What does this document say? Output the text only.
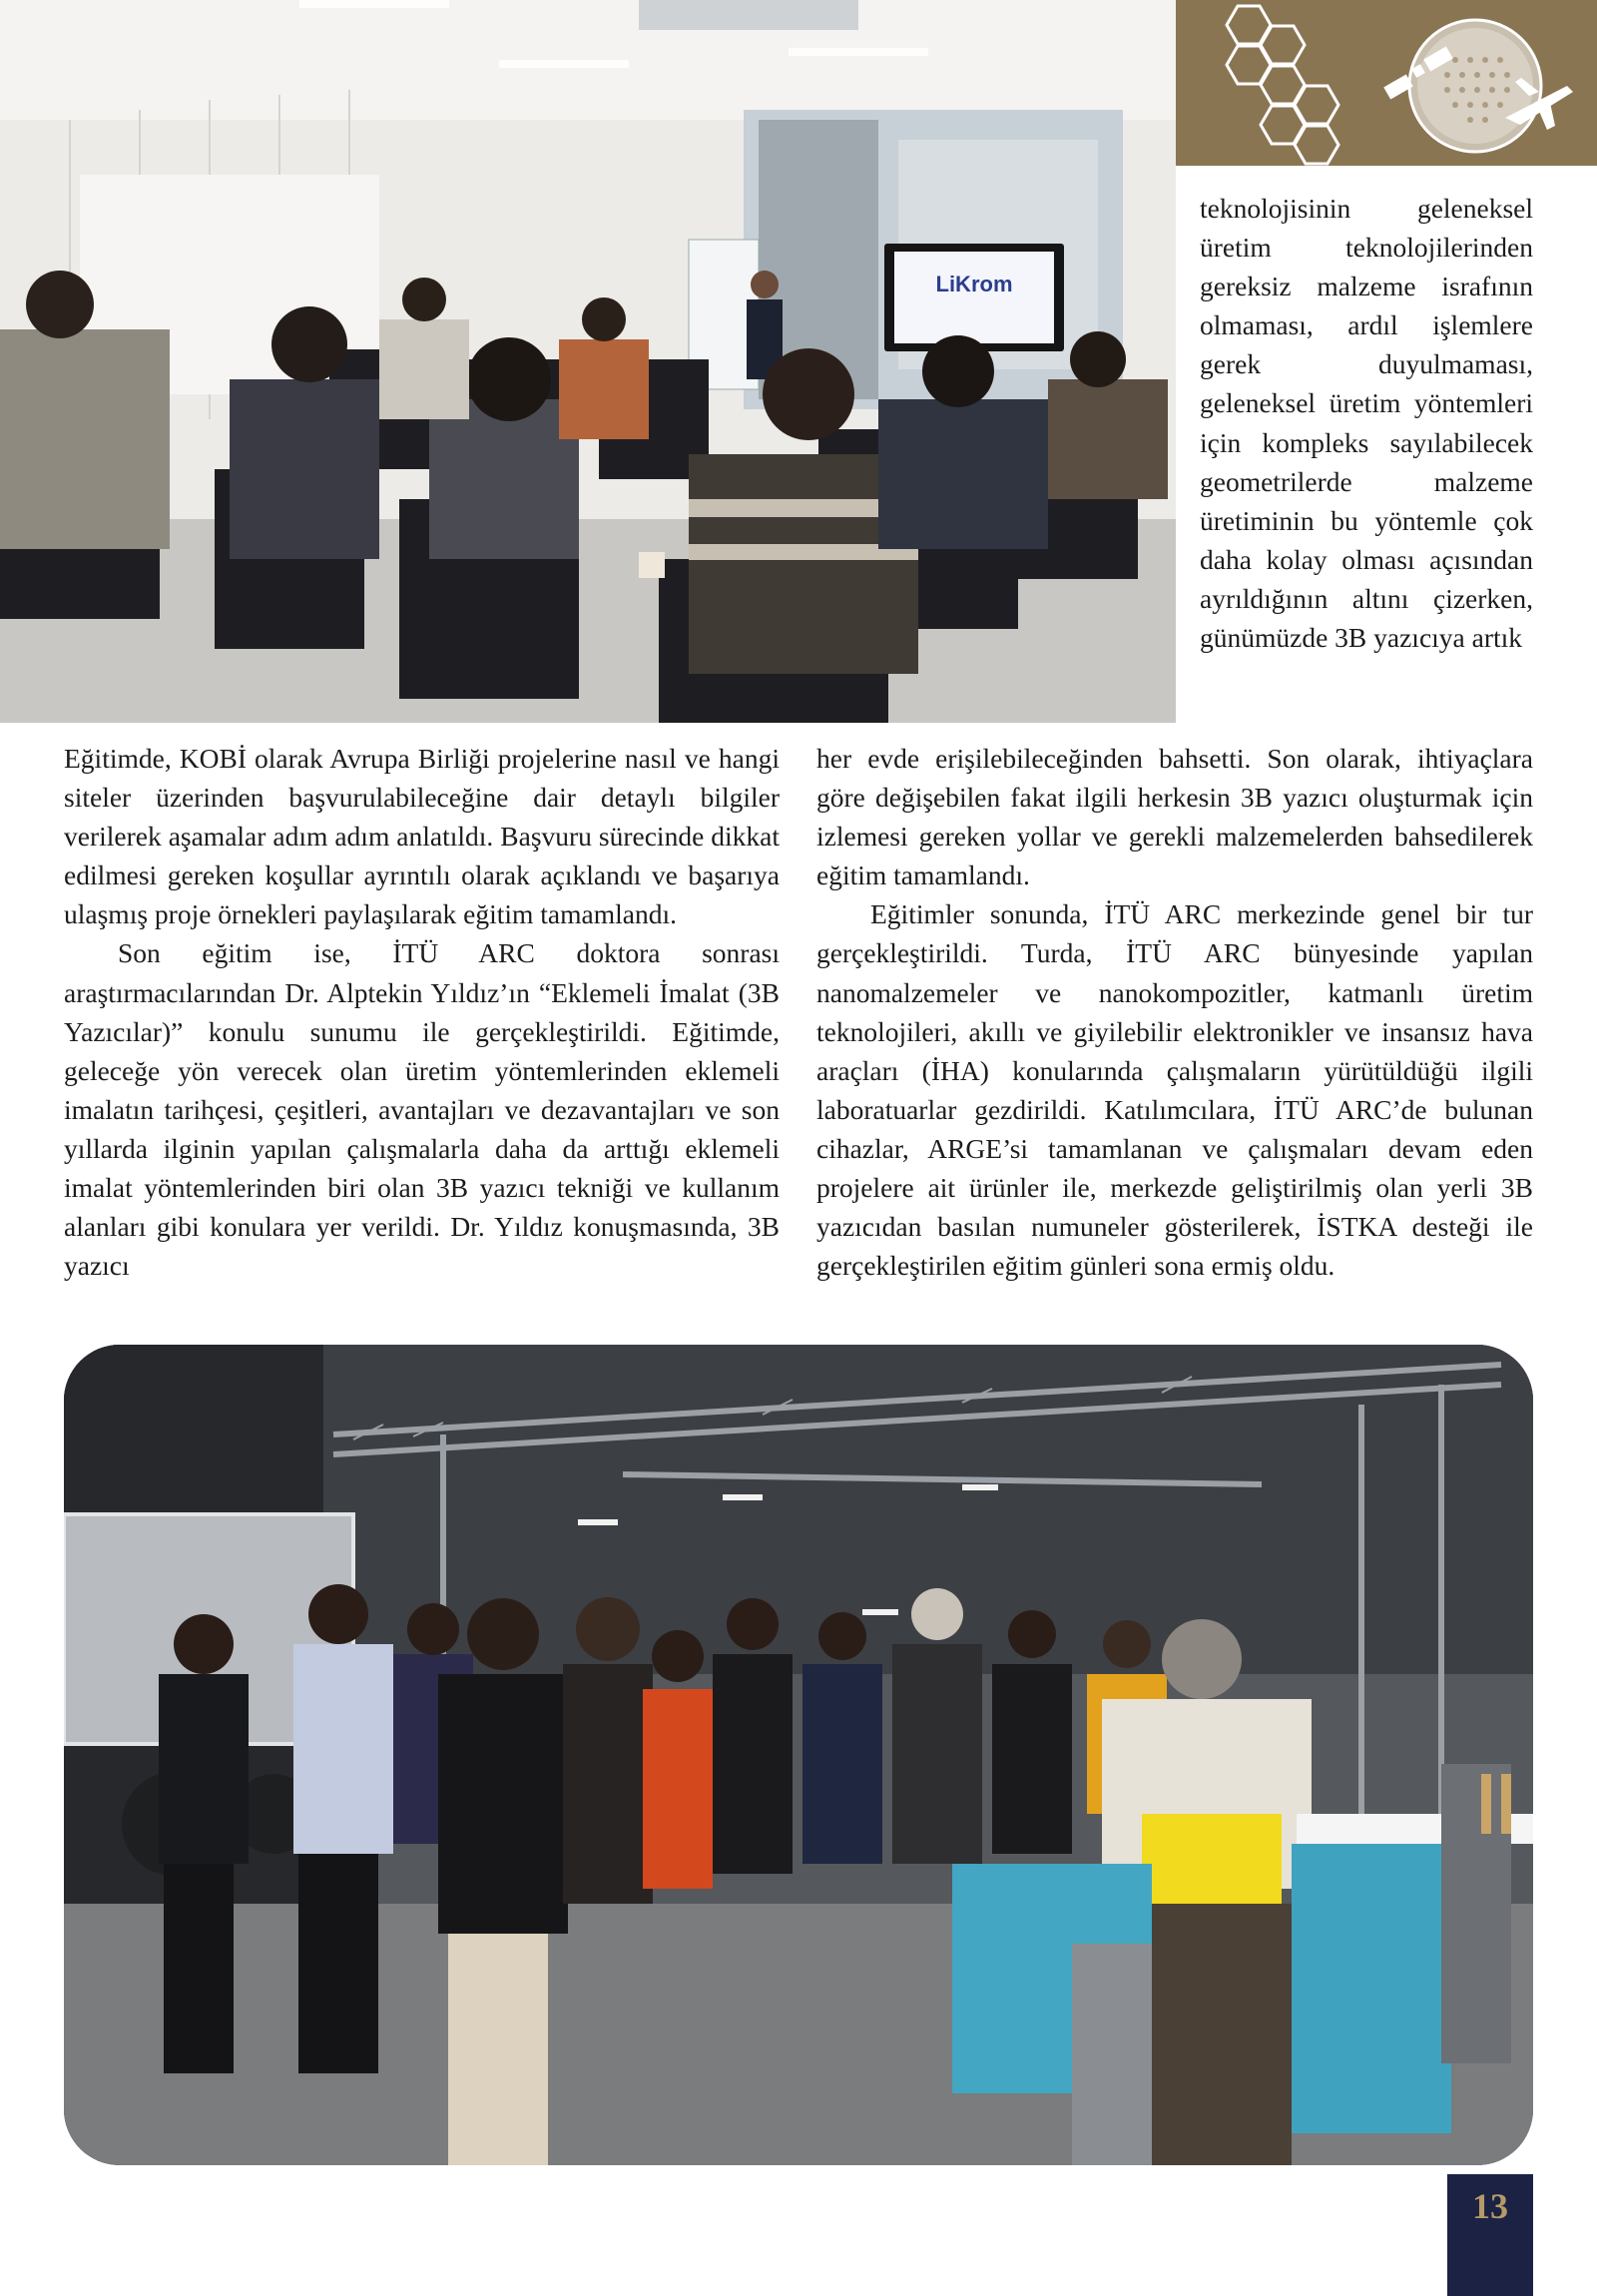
LiKrom

teknolojisinin geleneksel üretim teknolojilerinden gereksiz malzeme israfının olmaması, ardıl işlemlere gerek duyulmaması, geleneksel üretim yöntemleri için kompleks sayılabilecek geometrilerde malzeme üretiminin bu yöntemle çok daha kolay olması açısından ayrıldığının altını çizerken, günümüzde 3B yazıcıya artık

Eğitimde, KOBİ olarak Avrupa Birliği projelerine nasıl ve hangi siteler üzerinden başvurulabileceğine dair detaylı bilgiler verilerek aşamalar adım adım anlatıldı. Başvuru sürecinde dikkat edilmesi gereken koşullar ayrıntılı olarak açıklandı ve başarıya ulaşmış proje örnekleri paylaşılarak eğitim tamamlandı.
Son eğitim ise, İTÜ ARC doktora sonrası araştırmacılarından Dr. Alptekin Yıldız’ın “Eklemeli İmalat (3B Yazıcılar)” konulu sunumu ile gerçekleştirildi. Eğitimde, geleceğe yön verecek olan üretim yöntemlerinden eklemeli imalatın tarihçesi, çeşitleri, avantajları ve dezavantajları ve son yıllarda ilginin yapılan çalışmalarla daha da arttığı eklemeli imalat yöntemlerinden biri olan 3B yazıcı tekniği ve kullanım alanları gibi konulara yer verildi. Dr. Yıldız konuşmasında, 3B yazıcı
her evde erişilebileceğinden bahsetti. Son olarak, ihtiyaçlara göre değişebilen fakat ilgili herkesin 3B yazıcı oluşturmak için izlemesi gereken yollar ve gerekli malzemelerden bahsedilerek eğitim tamamlandı.
Eğitimler sonunda, İTÜ ARC merkezinde genel bir tur gerçekleştirildi. Turda, İTÜ ARC bünyesinde yapılan nanomalzemeler ve nanokompozitler, katmanlı üretim teknolojileri, akıllı ve giyilebilir elektronikler ve insansız hava araçları (İHA) konularında çalışmaların yürütüldüğü ilgili laboratuarlar gezdirildi. Katılımcılara, İTÜ ARC’de bulunan cihazlar, ARGE’si tamamlanan ve çalışmaları devam eden projelere ait ürünler ile, merkezde geliştirilmiş olan yerli 3B yazıcıdan basılan numuneler gösterilerek, İSTKA desteği ile gerçekleştirilen eğitim günleri sona ermiş oldu.
13
